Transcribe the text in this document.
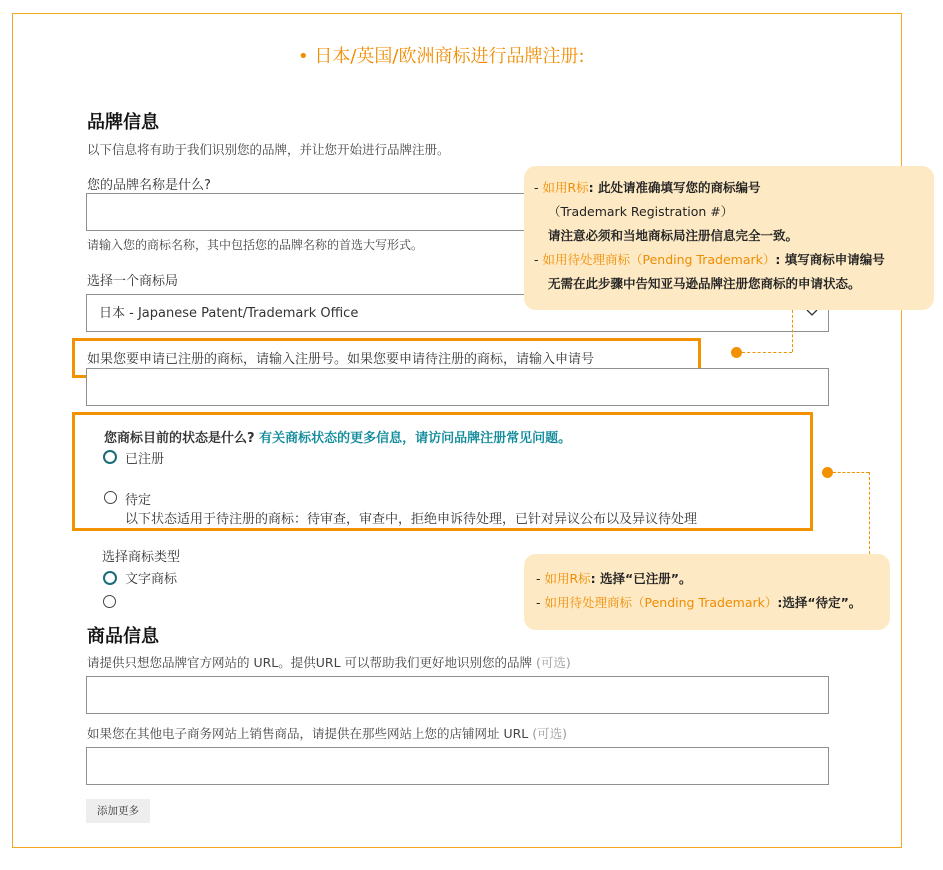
• 日本/英国/欧洲商标进行品牌注册:
品牌信息
以下信息将有助于我们识别您的品牌，并让您开始进行品牌注册。
您的品牌名称是什么?
请输入您的商标名称，其中包括您的品牌名称的首选大写形式。
选择一个商标局
日本 - Japanese Patent/Trademark Office
如果您要申请已注册的商标，请输入注册号。如果您要申请待注册的商标，请输入申请号
您商标目前的状态是什么? 有关商标状态的更多信息，请访问品牌注册常见问题。
已注册
待定
以下状态适用于待注册的商标：待审查，审查中，拒绝申诉待处理，已针对异议公布以及异议待处理
选择商标类型
文字商标
商品信息
请提供只想您品牌官方网站的 URL。提供URL 可以帮助我们更好地识别您的品牌 (可选)
如果您在其他电子商务网站上销售商品，请提供在那些网站上您的店铺网址 URL (可选)
添加更多
- 如用R标: 此处请准确填写您的商标编号
（Trademark Registration #）
请注意必须和当地商标局注册信息完全一致。
- 如用待处理商标（Pending Trademark）: 填写商标申请编号
无需在此步骤中告知亚马逊品牌注册您商标的申请状态。
- 如用R标: 选择“已注册”。
- 如用待处理商标（Pending Trademark）:选择“待定”。
